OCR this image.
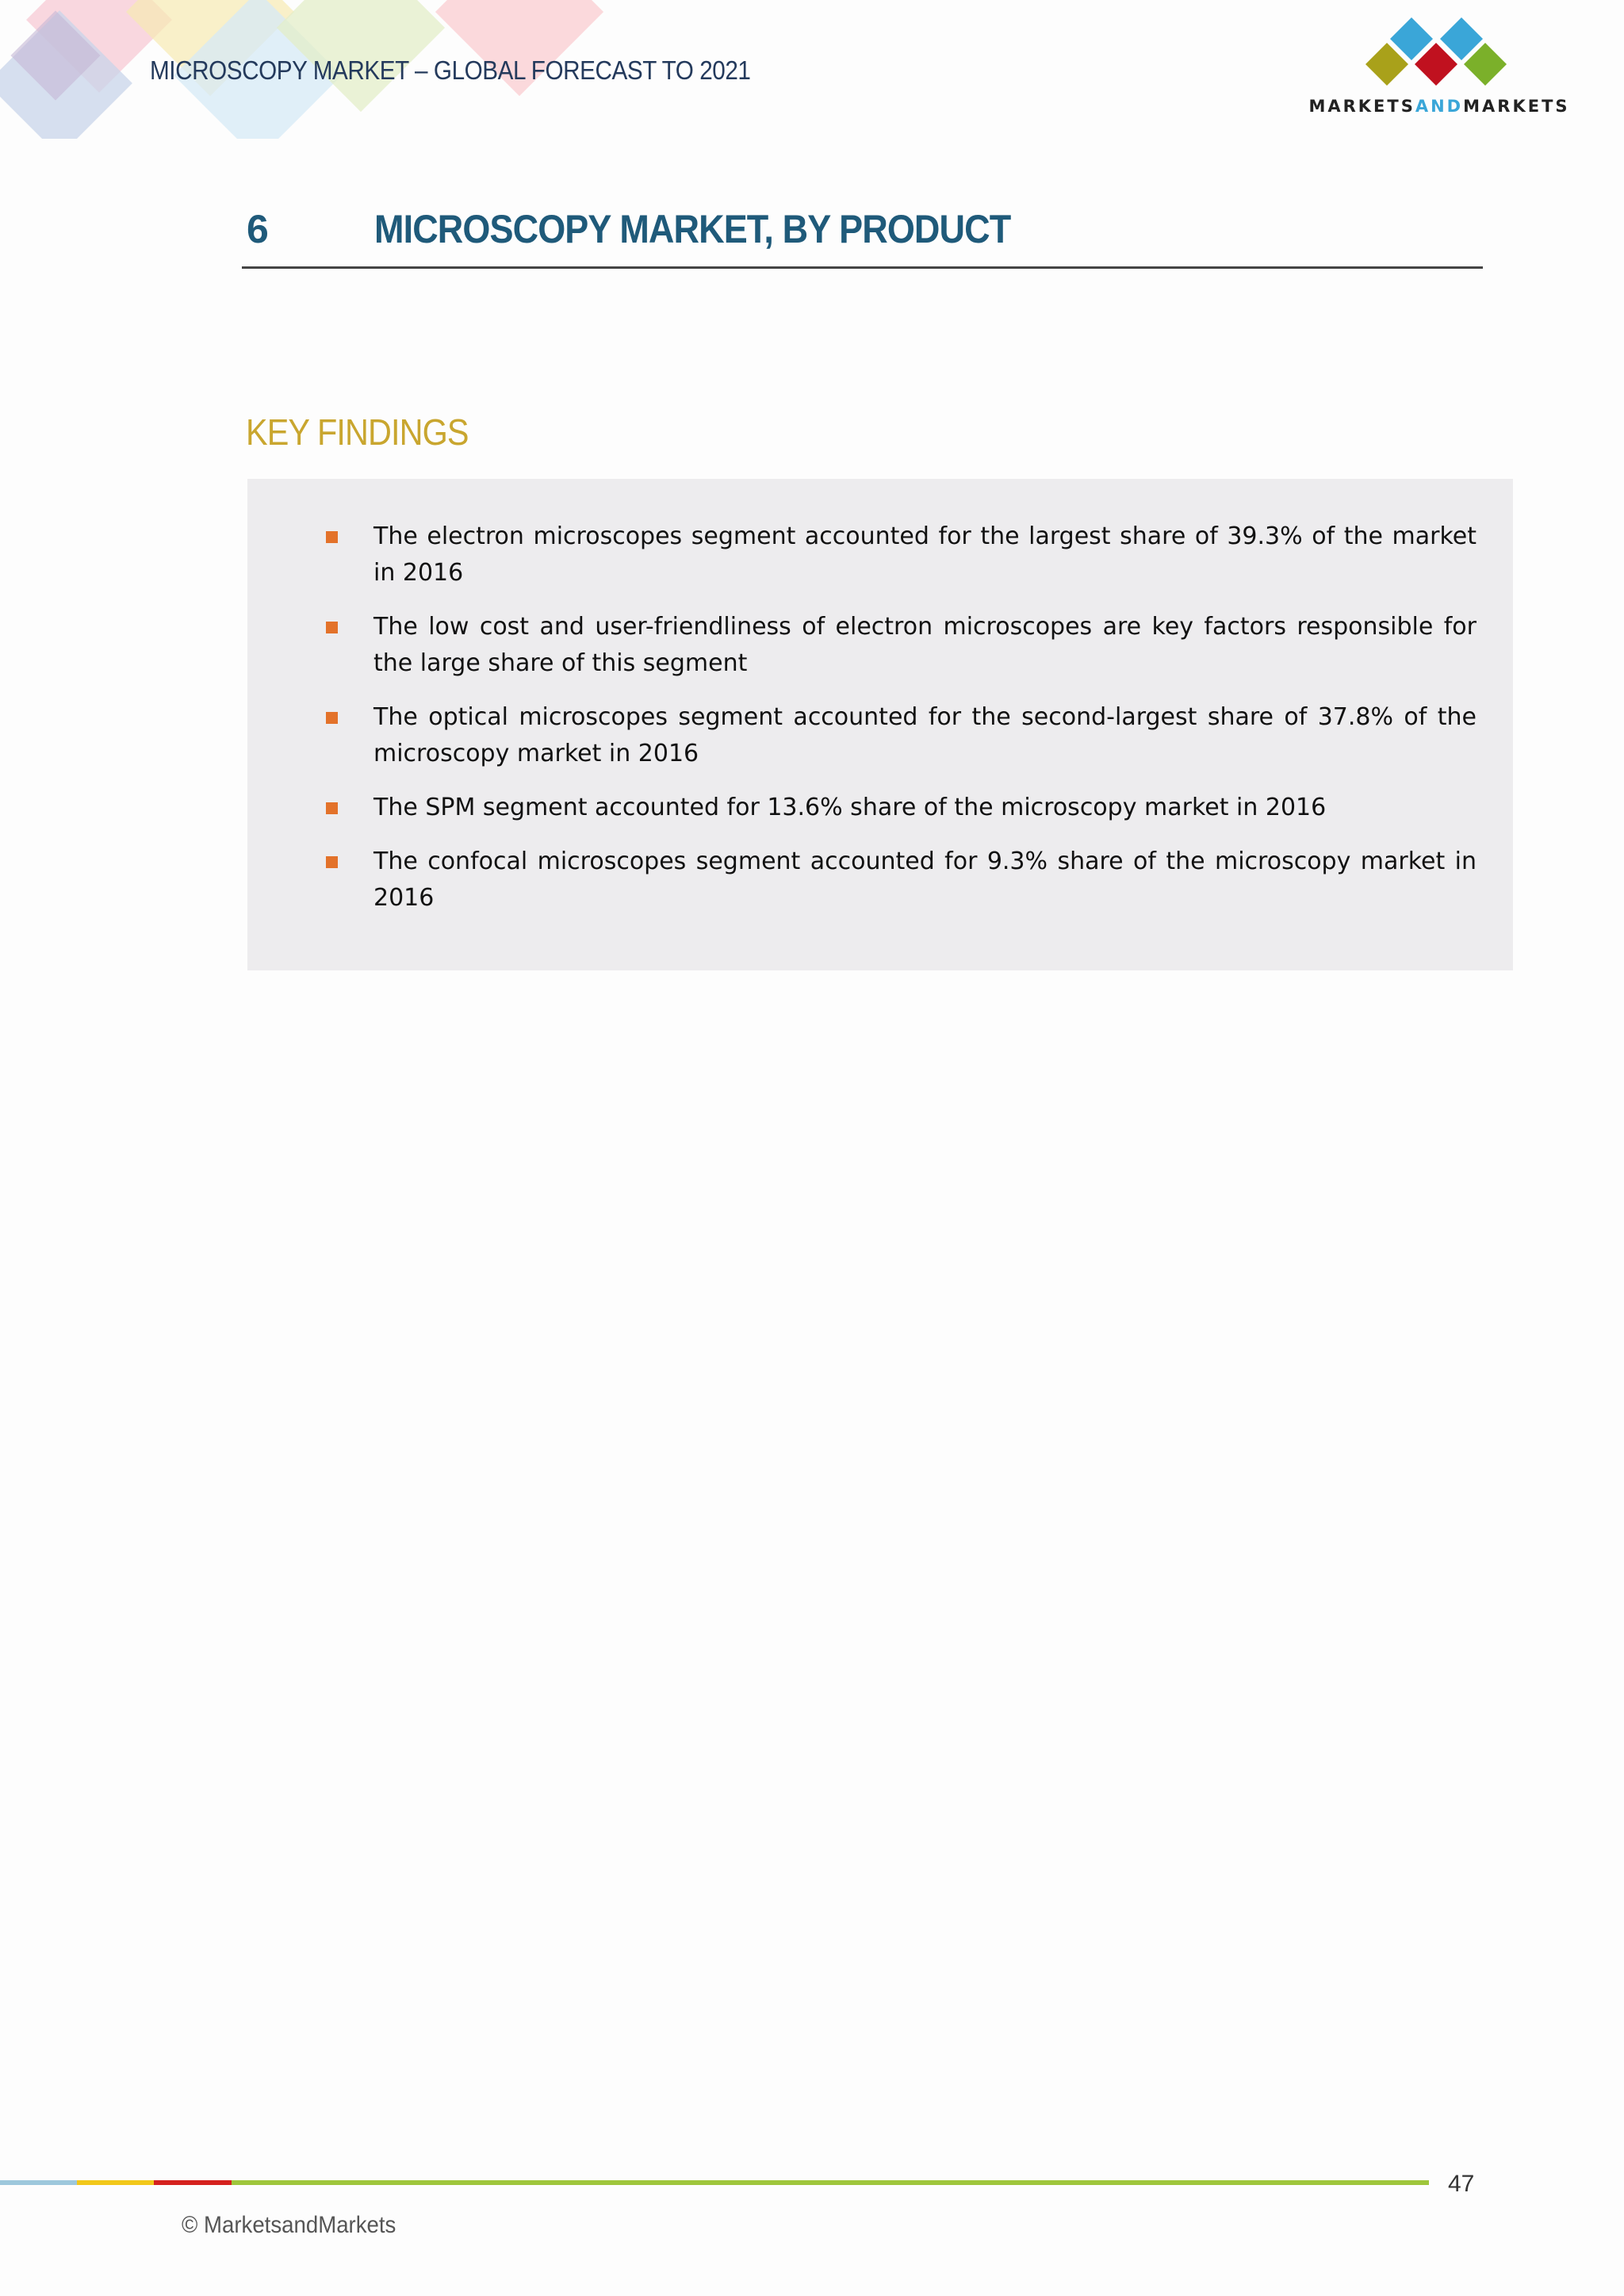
MICROSCOPY MARKET – GLOBAL FORECAST TO 2021
MARKETSANDMARKETS
6	MICROSCOPY MARKET, BY PRODUCT
KEY FINDINGS
The electron microscopes segment accounted for the largest share of 39.3% of the market in 2016
The low cost and user-friendliness of electron microscopes are key factors responsible for the large share of this segment
The optical microscopes segment accounted for the second-largest share of 37.8% of the microscopy market in 2016
The SPM segment accounted for 13.6% share of the microscopy market in 2016
The confocal microscopes segment accounted for 9.3% share of the microscopy market in 2016
47
© MarketsandMarkets
